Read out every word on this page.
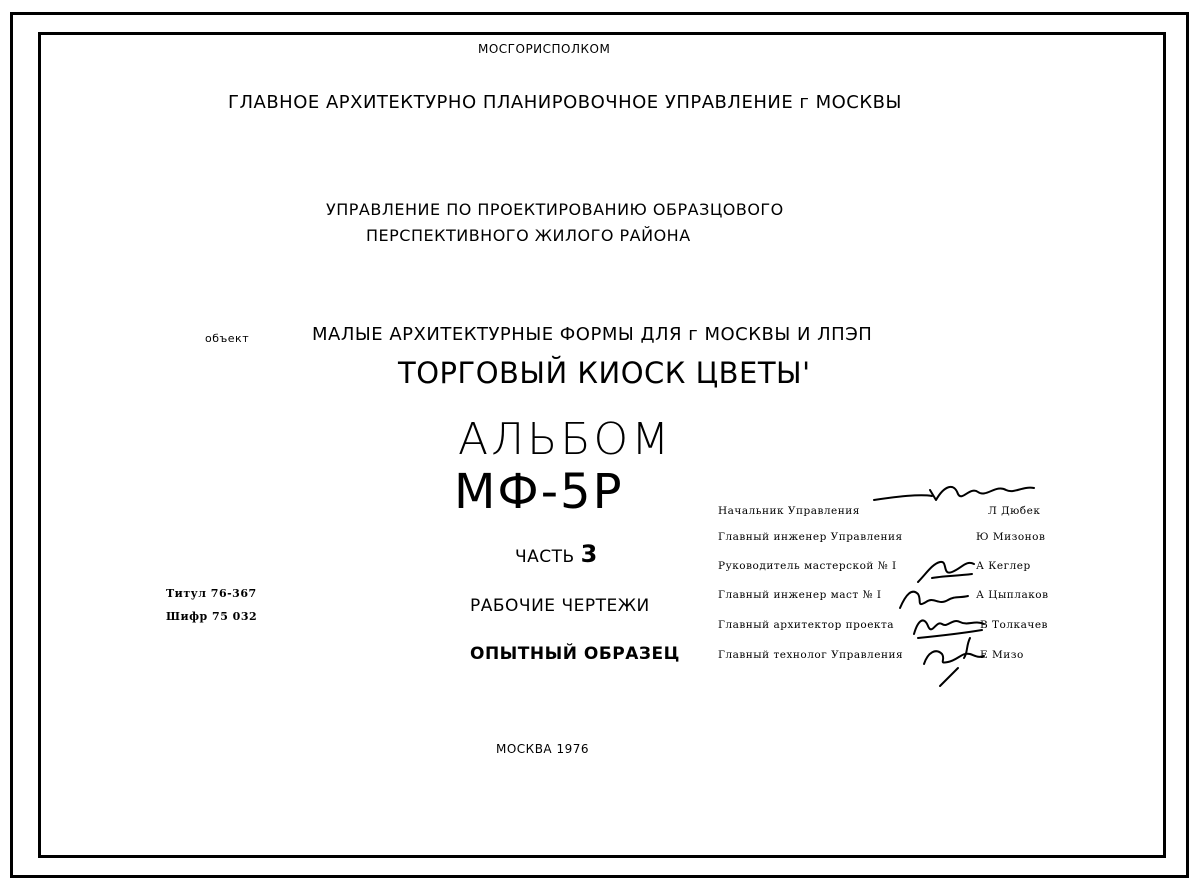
МОСГОРИСПОЛКОМ
ГЛАВНОЕ АРХИТЕКТУРНО ПЛАНИРОВОЧНОЕ УПРАВЛЕНИЕ г МОСКВЫ
УПРАВЛЕНИЕ ПО ПРОЕКТИРОВАНИЮ ОБРАЗЦОВОГО
ПЕРСПЕКТИВНОГО ЖИЛОГО РАЙОНА
объект	МАЛЫЕ АРХИТЕКТУРНЫЕ ФОРМЫ ДЛЯ г МОСКВЫ И ЛПЭП
ТОРГОВЫЙ КИОСК ЦВЕТЫ'
АЛЬБОМ
МФ-5Р
ЧАСТЬ 3
РАБОЧИЕ ЧЕРТЕЖИ
ОПЫТНЫЙ ОБРАЗЕЦ
Титул 76-367
Шифр 75 032
Начальник Управления	Л Дюбек
Главный инженер Управления	Ю Мизонов
Руководитель мастерской № I	А Кеглер
Главный инженер маст № I	А Цыплаков
Главный архитектор проекта	В Толкачев
Главный технолог Управления	Е Мизо
МОСКВА 1976
